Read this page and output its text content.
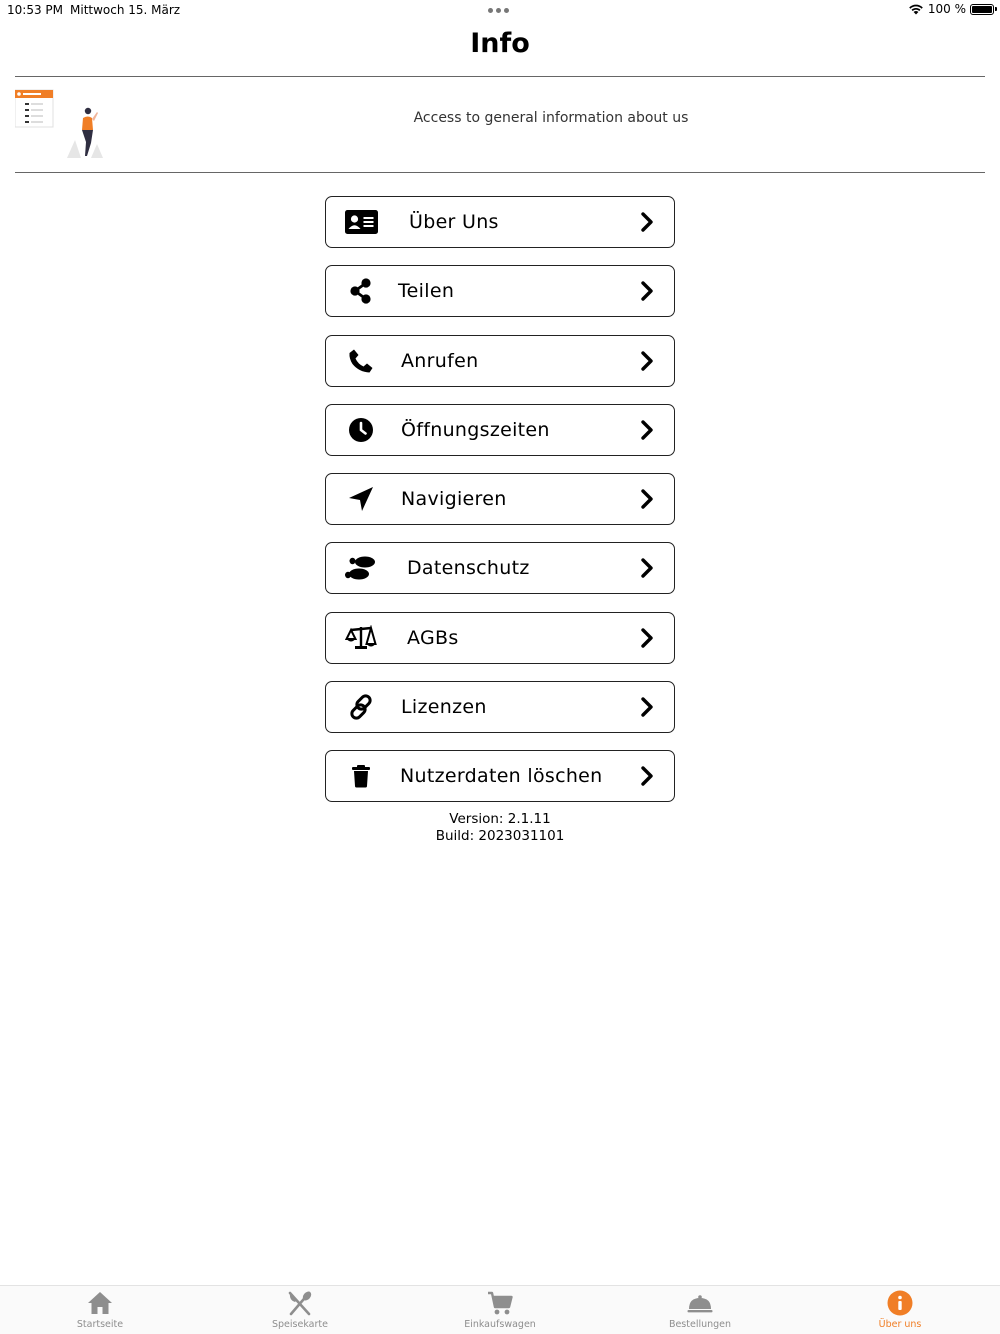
10:53 PM Mittwoch 15. März	100 %
Info
Access to general information about us
Über Uns
Teilen
Anrufen
Öffnungszeiten
Navigieren
Datenschutz
AGBs
Lizenzen
Nutzerdaten löschen
Version: 2.1.11
Build: 2023031101
Startseite	Speisekarte	Einkaufswagen	Bestellungen	Über uns
